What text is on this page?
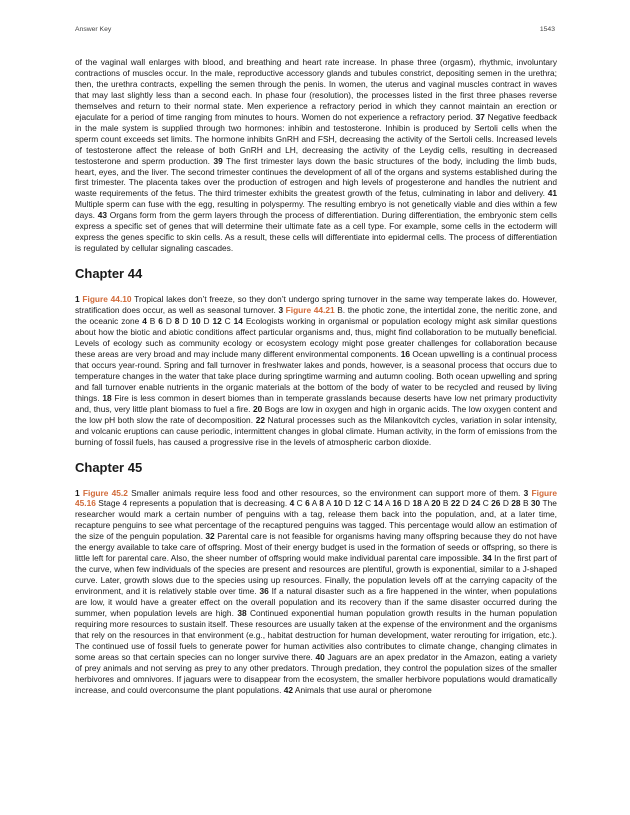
Answer Key	1543

of the vaginal wall enlarges with blood, and breathing and heart rate increase. In phase three (orgasm), rhythmic, involuntary contractions of muscles occur. In the male, reproductive accessory glands and tubules constrict, depositing semen in the urethra; then, the urethra contracts, expelling the semen through the penis. In women, the uterus and vaginal muscles contract in waves that may last slightly less than a second each. In phase four (resolution), the processes listed in the first three phases reverse themselves and return to their normal state. Men experience a refractory period in which they cannot maintain an erection or ejaculate for a period of time ranging from minutes to hours. Women do not experience a refractory period. 37 Negative feedback in the male system is supplied through two hormones: inhibin and testosterone. Inhibin is produced by Sertoli cells when the sperm count exceeds set limits. The hormone inhibits GnRH and FSH, decreasing the activity of the Sertoli cells. Increased levels of testosterone affect the release of both GnRH and LH, decreasing the activity of the Leydig cells, resulting in decreased testosterone and sperm production. 39 The first trimester lays down the basic structures of the body, including the limb buds, heart, eyes, and the liver. The second trimester continues the development of all of the organs and systems established during the first trimester. The placenta takes over the production of estrogen and high levels of progesterone and handles the nutrient and waste requirements of the fetus. The third trimester exhibits the greatest growth of the fetus, culminating in labor and delivery. 41 Multiple sperm can fuse with the egg, resulting in polyspermy. The resulting embryo is not genetically viable and dies within a few days. 43 Organs form from the germ layers through the process of differentiation. During differentiation, the embryonic stem cells express a specific set of genes that will determine their ultimate fate as a cell type. For example, some cells in the ectoderm will express the genes specific to skin cells. As a result, these cells will differentiate into epidermal cells. The process of differentiation is regulated by cellular signaling cascades.

Chapter 44

1 Figure 44.10 Tropical lakes don’t freeze, so they don’t undergo spring turnover in the same way temperate lakes do. However, stratification does occur, as well as seasonal turnover. 3 Figure 44.21 B. the photic zone, the intertidal zone, the neritic zone, and the oceanic zone 4 B 6 D 8 D 10 D 12 C 14 Ecologists working in organismal or population ecology might ask similar questions about how the biotic and abiotic conditions affect particular organisms and, thus, might find collaboration to be mutually beneficial. Levels of ecology such as community ecology or ecosystem ecology might pose greater challenges for collaboration because these areas are very broad and may include many different environmental components. 16 Ocean upwelling is a continual process that occurs year-round. Spring and fall turnover in freshwater lakes and ponds, however, is a seasonal process that occurs due to temperature changes in the water that take place during springtime warming and autumn cooling. Both ocean upwelling and spring and fall turnover enable nutrients in the organic materials at the bottom of the body of water to be recycled and reused by living things. 18 Fire is less common in desert biomes than in temperate grasslands because deserts have low net primary productivity and, thus, very little plant biomass to fuel a fire. 20 Bogs are low in oxygen and high in organic acids. The low oxygen content and the low pH both slow the rate of decomposition. 22 Natural processes such as the Milankovitch cycles, variation in solar intensity, and volcanic eruptions can cause periodic, intermittent changes in global climate. Human activity, in the form of emissions from the burning of fossil fuels, has caused a progressive rise in the levels of atmospheric carbon dioxide.

Chapter 45

1 Figure 45.2 Smaller animals require less food and other resources, so the environment can support more of them. 3 Figure 45.16 Stage 4 represents a population that is decreasing. 4 C 6 A 8 A 10 D 12 C 14 A 16 D 18 A 20 B 22 D 24 C 26 D 28 B 30 The researcher would mark a certain number of penguins with a tag, release them back into the population, and, at a later time, recapture penguins to see what percentage of the recaptured penguins was tagged. This percentage would allow an estimation of the size of the penguin population. 32 Parental care is not feasible for organisms having many offspring because they do not have the energy available to take care of offspring. Most of their energy budget is used in the formation of seeds or offspring, so there is little left for parental care. Also, the sheer number of offspring would make individual parental care impossible. 34 In the first part of the curve, when few individuals of the species are present and resources are plentiful, growth is exponential, similar to a J-shaped curve. Later, growth slows due to the species using up resources. Finally, the population levels off at the carrying capacity of the environment, and it is relatively stable over time. 36 If a natural disaster such as a fire happened in the winter, when populations are low, it would have a greater effect on the overall population and its recovery than if the same disaster occurred during the summer, when population levels are high. 38 Continued exponential human population growth results in the human population requiring more resources to sustain itself. These resources are usually taken at the expense of the environment and the organisms that rely on the resources in that environment (e.g., habitat destruction for human development, water rerouting for irrigation, etc.). The continued use of fossil fuels to generate power for human activities also contributes to climate change, changing climates in some areas so that certain species can no longer survive there. 40 Jaguars are an apex predator in the Amazon, eating a variety of prey animals and not serving as prey to any other predators. Through predation, they control the population sizes of the smaller herbivores and omnivores. If jaguars were to disappear from the ecosystem, the smaller herbivore populations would dramatically increase, and could overconsume the plant populations. 42 Animals that use aural or pheromone
